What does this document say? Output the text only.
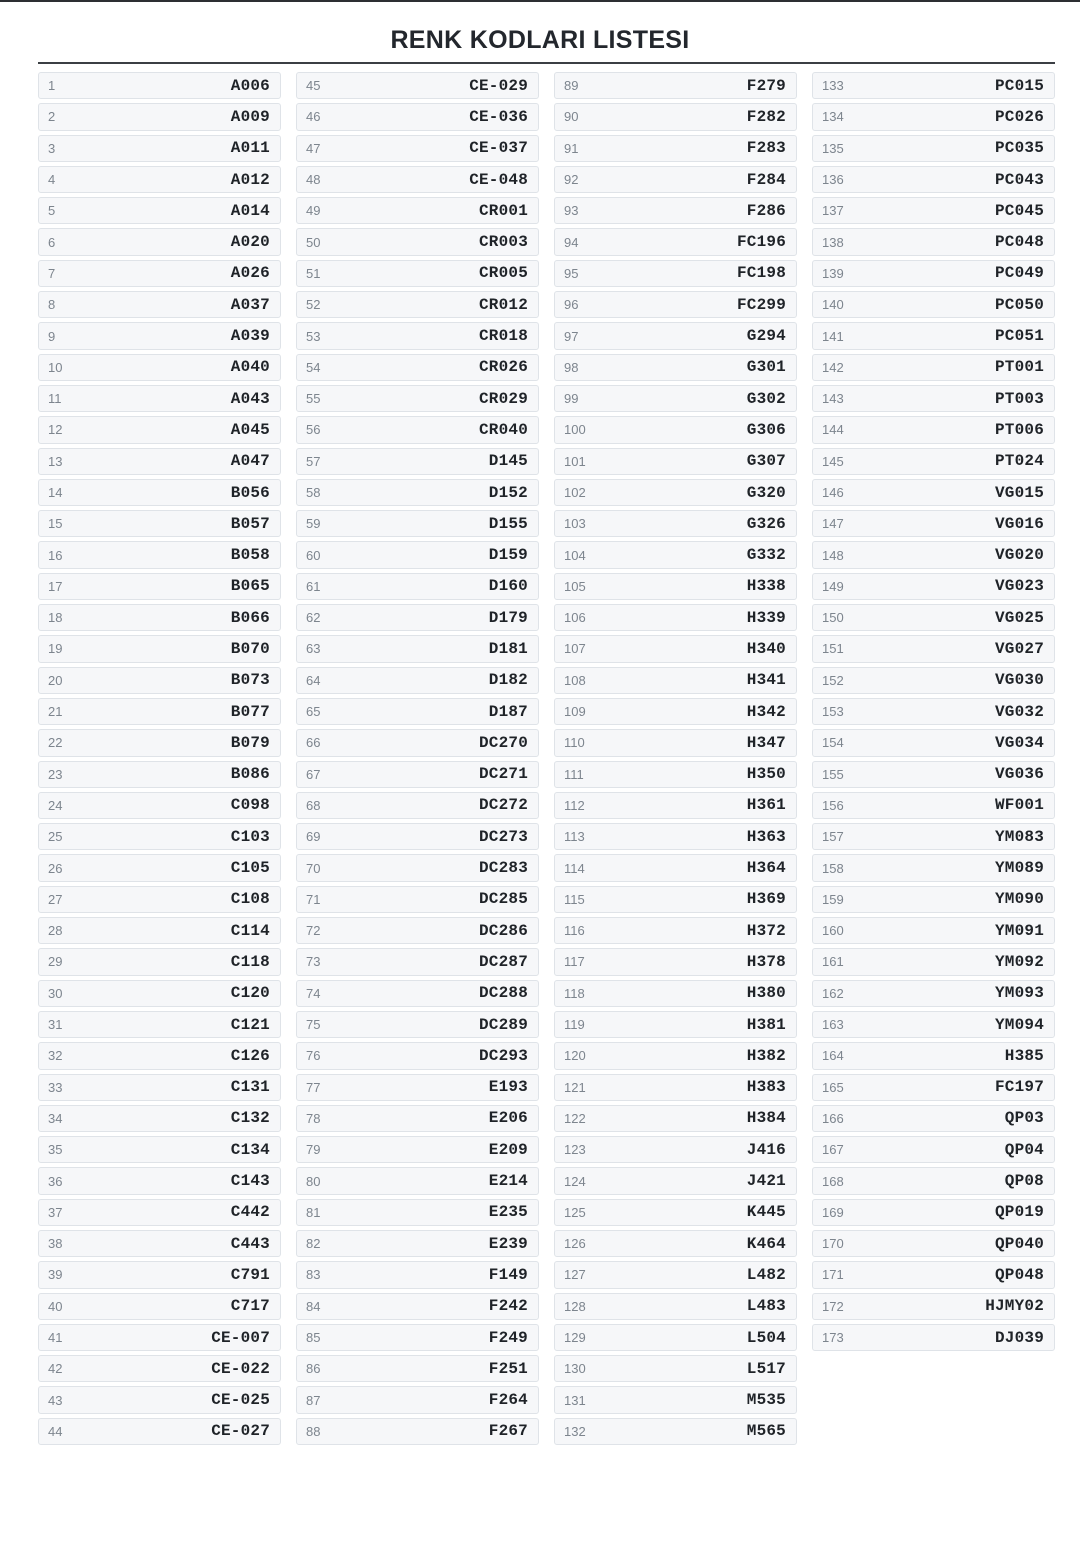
RENK KODLARI LISTESI
1	A006
2	A009
3	A011
4	A012
5	A014
6	A020
7	A026
8	A037
9	A039
10	A040
11	A043
12	A045
13	A047
14	B056
15	B057
16	B058
17	B065
18	B066
19	B070
20	B073
21	B077
22	B079
23	B086
24	C098
25	C103
26	C105
27	C108
28	C114
29	C118
30	C120
31	C121
32	C126
33	C131
34	C132
35	C134
36	C143
37	C442
38	C443
39	C791
40	C717
41	CE-007
42	CE-022
43	CE-025
44	CE-027
45	CE-029
46	CE-036
47	CE-037
48	CE-048
49	CR001
50	CR003
51	CR005
52	CR012
53	CR018
54	CR026
55	CR029
56	CR040
57	D145
58	D152
59	D155
60	D159
61	D160
62	D179
63	D181
64	D182
65	D187
66	DC270
67	DC271
68	DC272
69	DC273
70	DC283
71	DC285
72	DC286
73	DC287
74	DC288
75	DC289
76	DC293
77	E193
78	E206
79	E209
80	E214
81	E235
82	E239
83	F149
84	F242
85	F249
86	F251
87	F264
88	F267
89	F279
90	F282
91	F283
92	F284
93	F286
94	FC196
95	FC198
96	FC299
97	G294
98	G301
99	G302
100	G306
101	G307
102	G320
103	G326
104	G332
105	H338
106	H339
107	H340
108	H341
109	H342
110	H347
111	H350
112	H361
113	H363
114	H364
115	H369
116	H372
117	H378
118	H380
119	H381
120	H382
121	H383
122	H384
123	J416
124	J421
125	K445
126	K464
127	L482
128	L483
129	L504
130	L517
131	M535
132	M565
133	PC015
134	PC026
135	PC035
136	PC043
137	PC045
138	PC048
139	PC049
140	PC050
141	PC051
142	PT001
143	PT003
144	PT006
145	PT024
146	VG015
147	VG016
148	VG020
149	VG023
150	VG025
151	VG027
152	VG030
153	VG032
154	VG034
155	VG036
156	WF001
157	YM083
158	YM089
159	YM090
160	YM091
161	YM092
162	YM093
163	YM094
164	H385
165	FC197
166	QP03
167	QP04
168	QP08
169	QP019
170	QP040
171	QP048
172	HJMY02
173	DJ039
